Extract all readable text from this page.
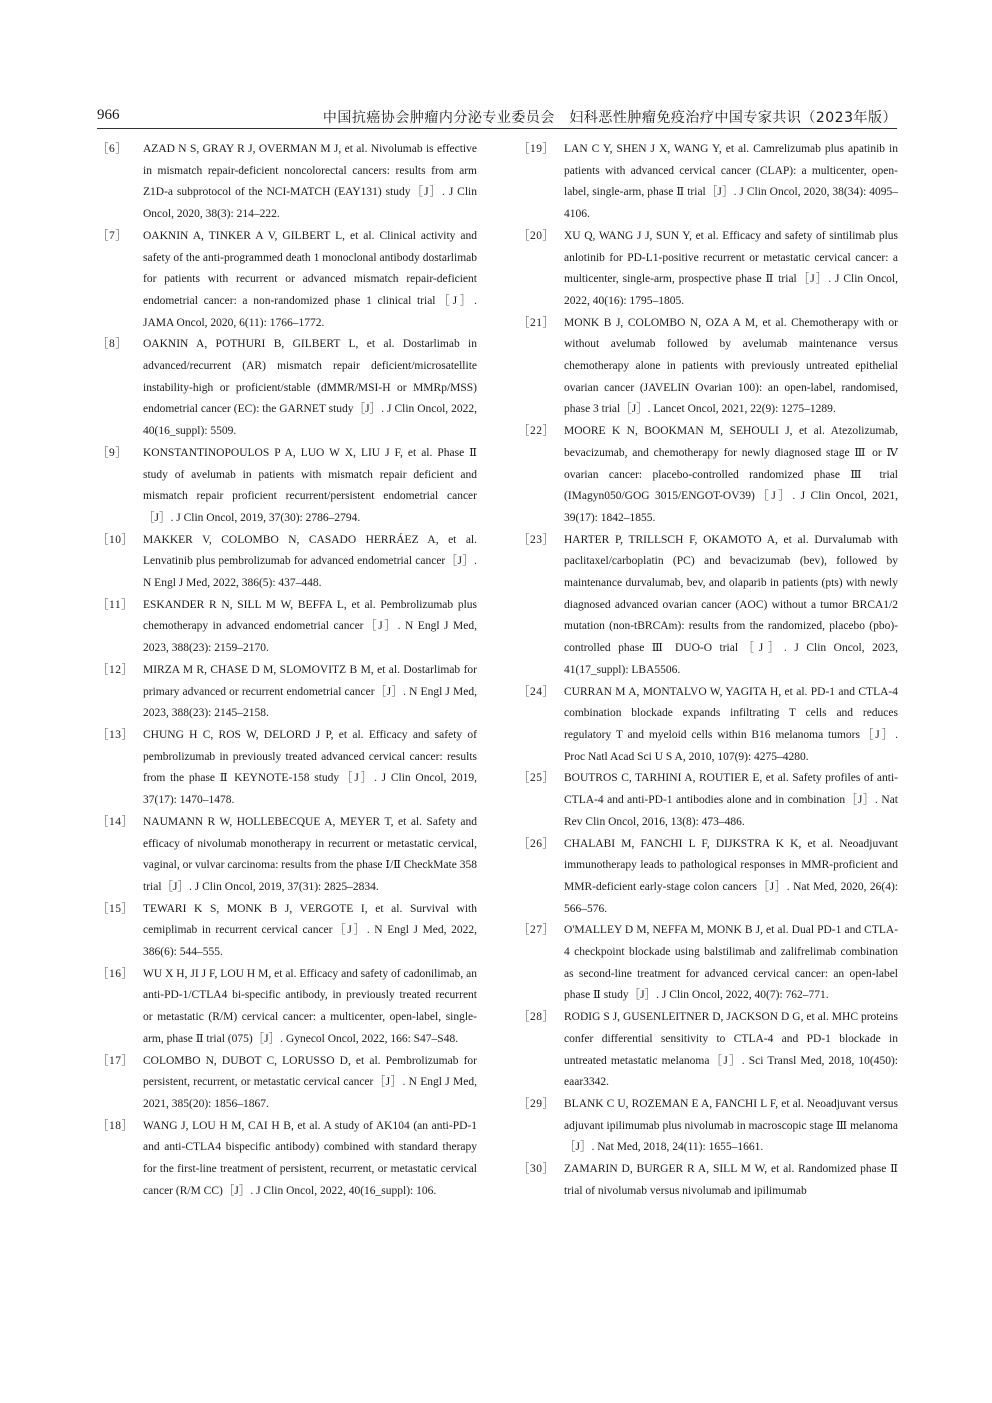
966	中国抗癌协会肿瘤内分泌专业委员会　妇科恶性肿瘤免疫治疗中国专家共识（2023年版）
［6］	AZAD N S, GRAY R J, OVERMAN M J, et al. Nivolumab is effective in mismatch repair-deficient noncolorectal cancers: results from arm Z1D-a subprotocol of the NCI-MATCH (EAY131) study［J］. J Clin Oncol, 2020, 38(3): 214–222.
［7］	OAKNIN A, TINKER A V, GILBERT L, et al. Clinical activity and safety of the anti-programmed death 1 monoclonal antibody dostarlimab for patients with recurrent or advanced mismatch repair-deficient endometrial cancer: a non-randomized phase 1 clinical trial［J］. JAMA Oncol, 2020, 6(11): 1766–1772.
［8］	OAKNIN A, POTHURI B, GILBERT L, et al. Dostarlimab in advanced/recurrent (AR) mismatch repair deficient/microsatellite instability-high or proficient/stable (dMMR/MSI-H or MMRp/MSS) endometrial cancer (EC): the GARNET study［J］. J Clin Oncol, 2022, 40(16_suppl): 5509.
［9］	KONSTANTINOPOULOS P A, LUO W X, LIU J F, et al. Phase Ⅱ study of avelumab in patients with mismatch repair deficient and mismatch repair proficient recurrent/persistent endometrial cancer［J］. J Clin Oncol, 2019, 37(30): 2786–2794.
［10］ MAKKER V, COLOMBO N, CASADO HERRÁEZ A, et al. Lenvatinib plus pembrolizumab for advanced endometrial cancer［J］. N Engl J Med, 2022, 386(5): 437–448.
［11］ ESKANDER R N, SILL M W, BEFFA L, et al. Pembrolizumab plus chemotherapy in advanced endometrial cancer［J］. N Engl J Med, 2023, 388(23): 2159–2170.
［12］ MIRZA M R, CHASE D M, SLOMOVITZ B M, et al. Dostarlimab for primary advanced or recurrent endometrial cancer［J］. N Engl J Med, 2023, 388(23): 2145–2158.
［13］ CHUNG H C, ROS W, DELORD J P, et al. Efficacy and safety of pembrolizumab in previously treated advanced cervical cancer: results from the phase Ⅱ KEYNOTE-158 study［J］. J Clin Oncol, 2019, 37(17): 1470–1478.
［14］ NAUMANN R W, HOLLEBECQUE A, MEYER T, et al. Safety and efficacy of nivolumab monotherapy in recurrent or metastatic cervical, vaginal, or vulvar carcinoma: results from the phase Ⅰ/Ⅱ CheckMate 358 trial［J］. J Clin Oncol, 2019, 37(31): 2825–2834.
［15］ TEWARI K S, MONK B J, VERGOTE I, et al. Survival with cemiplimab in recurrent cervical cancer［J］. N Engl J Med, 2022, 386(6): 544–555.
［16］ WU X H, JI J F, LOU H M, et al. Efficacy and safety of cadonilimab, an anti-PD-1/CTLA4 bi-specific antibody, in previously treated recurrent or metastatic (R/M) cervical cancer: a multicenter, open-label, single-arm, phase Ⅱ trial (075)［J］. Gynecol Oncol, 2022, 166: S47–S48.
［17］ COLOMBO N, DUBOT C, LORUSSO D, et al. Pembrolizumab for persistent, recurrent, or metastatic cervical cancer［J］. N Engl J Med, 2021, 385(20): 1856–1867.
［18］ WANG J, LOU H M, CAI H B, et al. A study of AK104 (an anti-PD-1 and anti-CTLA4 bispecific antibody) combined with standard therapy for the first-line treatment of persistent, recurrent, or metastatic cervical cancer (R/M CC)［J］. J Clin Oncol, 2022, 40(16_suppl): 106.
［19］ LAN C Y, SHEN J X, WANG Y, et al. Camrelizumab plus apatinib in patients with advanced cervical cancer (CLAP): a multicenter, open-label, single-arm, phase Ⅱ trial［J］. J Clin Oncol, 2020, 38(34): 4095–4106.
［20］ XU Q, WANG J J, SUN Y, et al. Efficacy and safety of sintilimab plus anlotinib for PD-L1-positive recurrent or metastatic cervical cancer: a multicenter, single-arm, prospective phase Ⅱ trial［J］. J Clin Oncol, 2022, 40(16): 1795–1805.
［21］ MONK B J, COLOMBO N, OZA A M, et al. Chemotherapy with or without avelumab followed by avelumab maintenance versus chemotherapy alone in patients with previously untreated epithelial ovarian cancer (JAVELIN Ovarian 100): an open-label, randomised, phase 3 trial［J］. Lancet Oncol, 2021, 22(9): 1275–1289.
［22］ MOORE K N, BOOKMAN M, SEHOULI J, et al. Atezolizumab, bevacizumab, and chemotherapy for newly diagnosed stage Ⅲ or Ⅳ ovarian cancer: placebo-controlled randomized phase Ⅲ trial (IMagyn050/GOG 3015/ENGOT-OV39)［J］. J Clin Oncol, 2021, 39(17): 1842–1855.
［23］ HARTER P, TRILLSCH F, OKAMOTO A, et al. Durvalumab with paclitaxel/carboplatin (PC) and bevacizumab (bev), followed by maintenance durvalumab, bev, and olaparib in patients (pts) with newly diagnosed advanced ovarian cancer (AOC) without a tumor BRCA1/2 mutation (non-tBRCAm): results from the randomized, placebo (pbo)-controlled phase Ⅲ DUO-O trial［J］. J Clin Oncol, 2023, 41(17_suppl): LBA5506.
［24］ CURRAN M A, MONTALVO W, YAGITA H, et al. PD-1 and CTLA-4 combination blockade expands infiltrating T cells and reduces regulatory T and myeloid cells within B16 melanoma tumors［J］. Proc Natl Acad Sci U S A, 2010, 107(9): 4275–4280.
［25］ BOUTROS C, TARHINI A, ROUTIER E, et al. Safety profiles of anti-CTLA-4 and anti-PD-1 antibodies alone and in combination［J］. Nat Rev Clin Oncol, 2016, 13(8): 473–486.
［26］ CHALABI M, FANCHI L F, DIJKSTRA K K, et al. Neoadjuvant immunotherapy leads to pathological responses in MMR-proficient and MMR-deficient early-stage colon cancers［J］. Nat Med, 2020, 26(4): 566–576.
［27］ O'MALLEY D M, NEFFA M, MONK B J, et al. Dual PD-1 and CTLA-4 checkpoint blockade using balstilimab and zalifrelimab combination as second-line treatment for advanced cervical cancer: an open-label phase Ⅱ study［J］. J Clin Oncol, 2022, 40(7): 762–771.
［28］ RODIG S J, GUSENLEITNER D, JACKSON D G, et al. MHC proteins confer differential sensitivity to CTLA-4 and PD-1 blockade in untreated metastatic melanoma［J］. Sci Transl Med, 2018, 10(450): eaar3342.
［29］ BLANK C U, ROZEMAN E A, FANCHI L F, et al. Neoadjuvant versus adjuvant ipilimumab plus nivolumab in macroscopic stage Ⅲ melanoma［J］. Nat Med, 2018, 24(11): 1655–1661.
［30］ ZAMARIN D, BURGER R A, SILL M W, et al. Randomized phase Ⅱ trial of nivolumab versus nivolumab and ipilimumab
